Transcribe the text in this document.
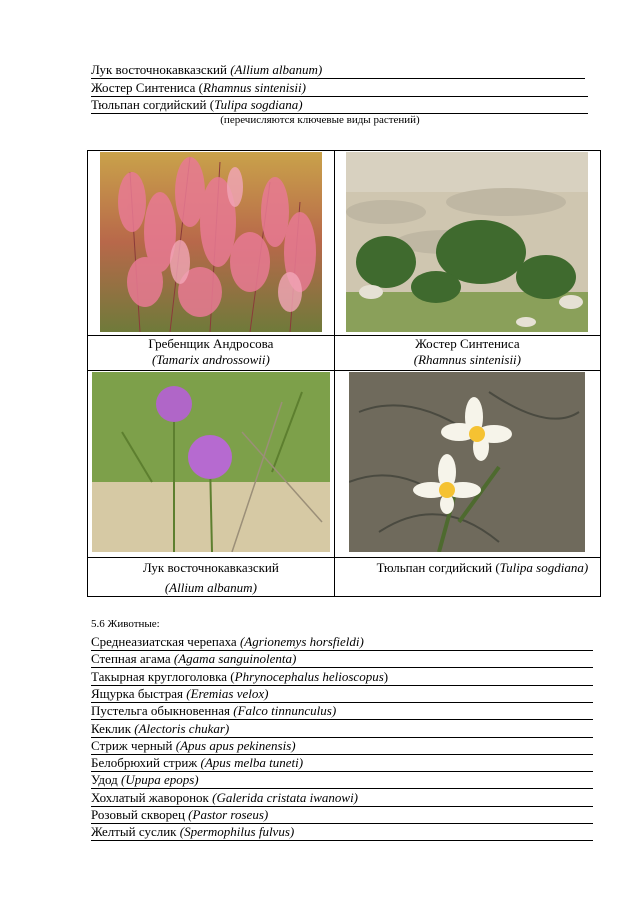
Лук восточнокавказский (Allium albanum)
Жостер Синтениса (Rhamnus sintenisii)
Тюльпан согдийский (Tulipa sogdiana)
(перечисляются ключевые виды растений)

Гребенщик Андросова
(Tamarix androssowii)	Жостер Синтениса
(Rhamnus sintenisii)

Лук восточнокавказский
(Allium albanum)	Тюльпан согдийский (Tulipa sogdiana)
5.6 Животные:
Среднеазиатская черепаха (Agrionemys horsfieldi)
Степная агама (Agama sanguinolenta)
Такырная круглоголовка (Phrynocephalus helioscopus)
Ящурка быстрая (Eremias velox)
Пустельга обыкновенная (Falco tinnunculus)
Кеклик (Alectoris chukar)
Стриж черный (Apus apus pekinensis)
Белобрюхий стриж (Apus melba tuneti)
Удод (Upupa epops)
Хохлатый жаворонок (Galerida cristata iwanowi)
Розовый скворец (Pastor roseus)
Желтый суслик (Spermophilus fulvus)
